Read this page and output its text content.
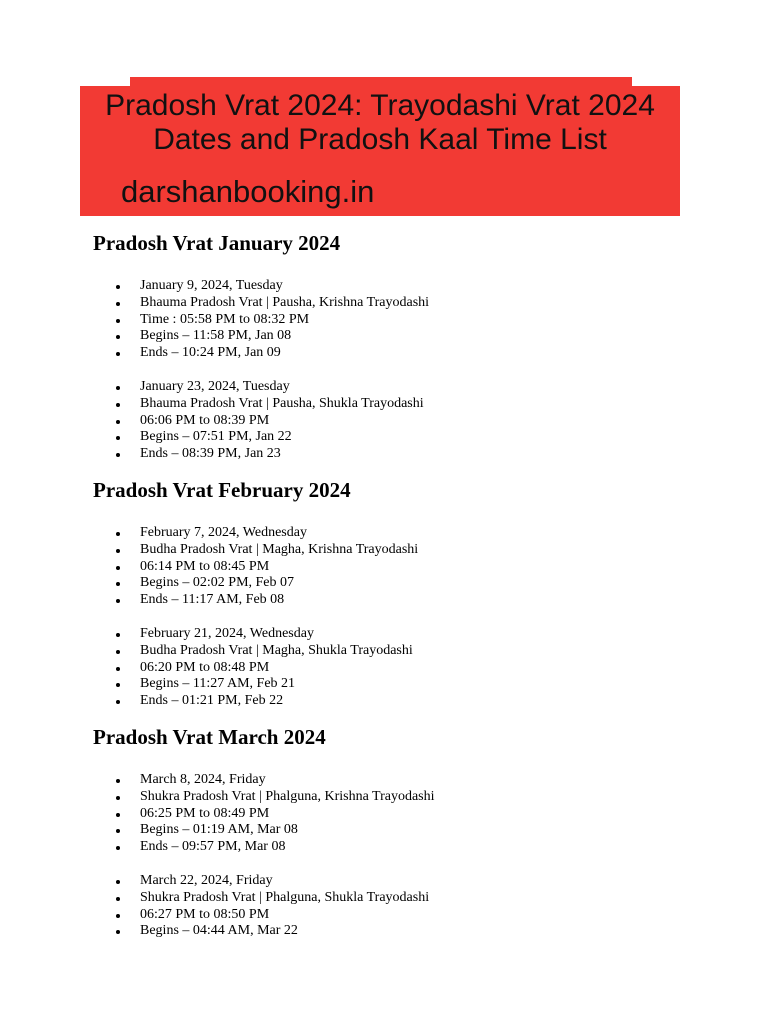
Pradosh Vrat 2024: Trayodashi Vrat 2024
Dates and Pradosh Kaal Time List
darshanbooking.in
Pradosh Vrat January 2024
January 9, 2024, Tuesday
Bhauma Pradosh Vrat | Pausha, Krishna Trayodashi
Time : 05:58 PM to 08:32 PM
Begins – 11:58 PM, Jan 08
Ends – 10:24 PM, Jan 09
January 23, 2024, Tuesday
Bhauma Pradosh Vrat | Pausha, Shukla Trayodashi
06:06 PM to 08:39 PM
Begins – 07:51 PM, Jan 22
Ends – 08:39 PM, Jan 23
Pradosh Vrat February 2024
February 7, 2024, Wednesday
Budha Pradosh Vrat | Magha, Krishna Trayodashi
06:14 PM to 08:45 PM
Begins – 02:02 PM, Feb 07
Ends – 11:17 AM, Feb 08
February 21, 2024, Wednesday
Budha Pradosh Vrat | Magha, Shukla Trayodashi
06:20 PM to 08:48 PM
Begins – 11:27 AM, Feb 21
Ends – 01:21 PM, Feb 22
Pradosh Vrat March 2024
March 8, 2024, Friday
Shukra Pradosh Vrat | Phalguna, Krishna Trayodashi
06:25 PM to 08:49 PM
Begins – 01:19 AM, Mar 08
Ends – 09:57 PM, Mar 08
March 22, 2024, Friday
Shukra Pradosh Vrat | Phalguna, Shukla Trayodashi
06:27 PM to 08:50 PM
Begins – 04:44 AM, Mar 22
